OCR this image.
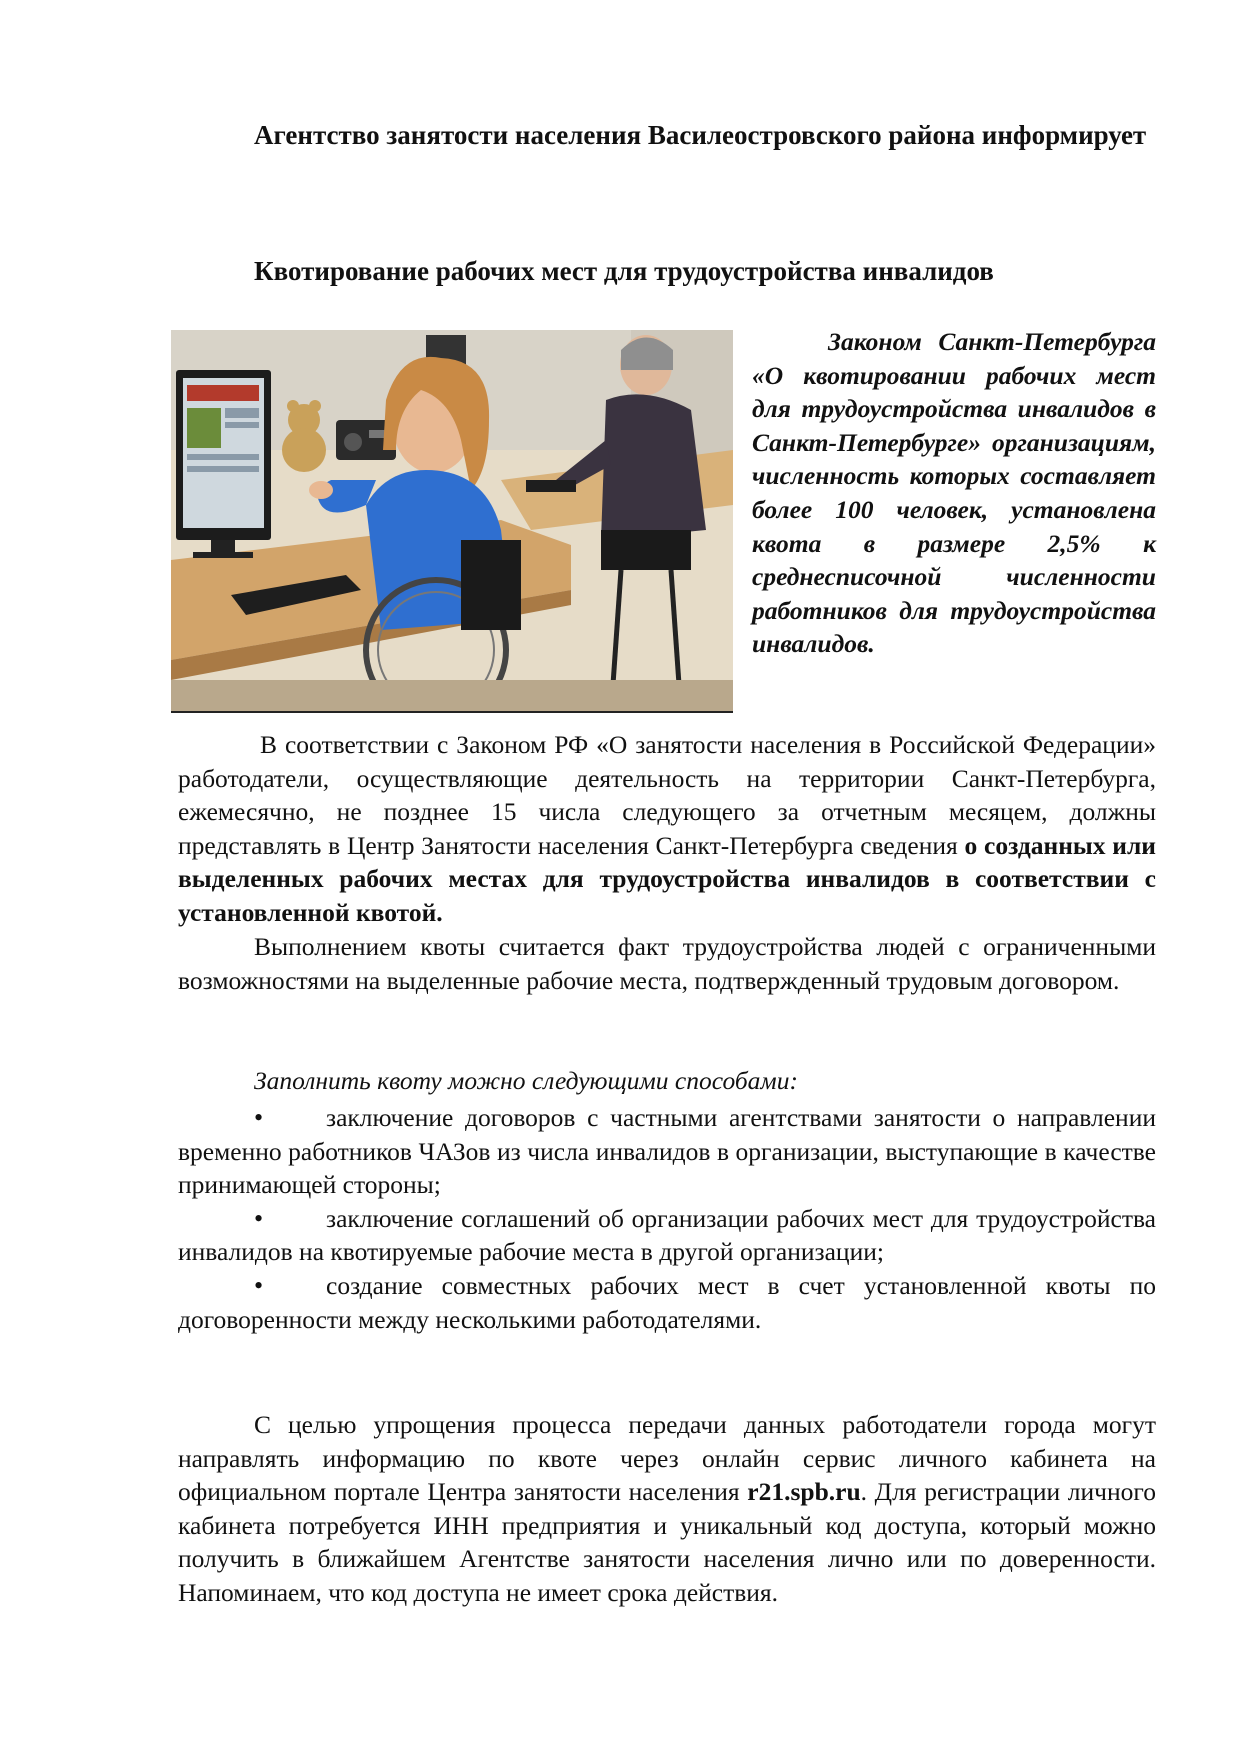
Агентство занятости населения Василеостровского района информирует
Квотирование рабочих мест для трудоустройства инвалидов
Законом Санкт-Петербурга «О квотировании рабочих мест для трудоустройства инвалидов в Санкт-Петербурге» организациям, численность которых составляет более 100 человек, установлена квота в размере 2,5% к среднесписочной численности работников для трудоустройства инвалидов.
В соответствии с Законом РФ «О занятости населения в Российской Федерации» работодатели, осуществляющие деятельность на территории Санкт-Петербурга, ежемесячно, не позднее 15 числа следующего за отчетным месяцем, должны представлять в Центр Занятости населения Санкт-Петербурга сведения о созданных или выделенных рабочих местах для трудоустройства инвалидов в соответствии с установленной квотой.
Выполнением квоты считается факт трудоустройства людей с ограниченными возможностями на выделенные рабочие места, подтвержденный трудовым договором.
Заполнить квоту можно следующими способами:
• заключение договоров с частными агентствами занятости о направлении временно работников ЧАЗов из числа инвалидов в организации, выступающие в качестве принимающей стороны;
• заключение соглашений об организации рабочих мест для трудоустройства инвалидов на квотируемые рабочие места в другой организации;
• создание совместных рабочих мест в счет установленной квоты по договоренности между несколькими работодателями.
С целью упрощения процесса передачи данных работодатели города могут направлять информацию по квоте через онлайн сервис личного кабинета на официальном портале Центра занятости населения r21.spb.ru. Для регистрации личного кабинета потребуется ИНН предприятия и уникальный код доступа, который можно получить в ближайшем Агентстве занятости населения лично или по доверенности. Напоминаем, что код доступа не имеет срока действия.
